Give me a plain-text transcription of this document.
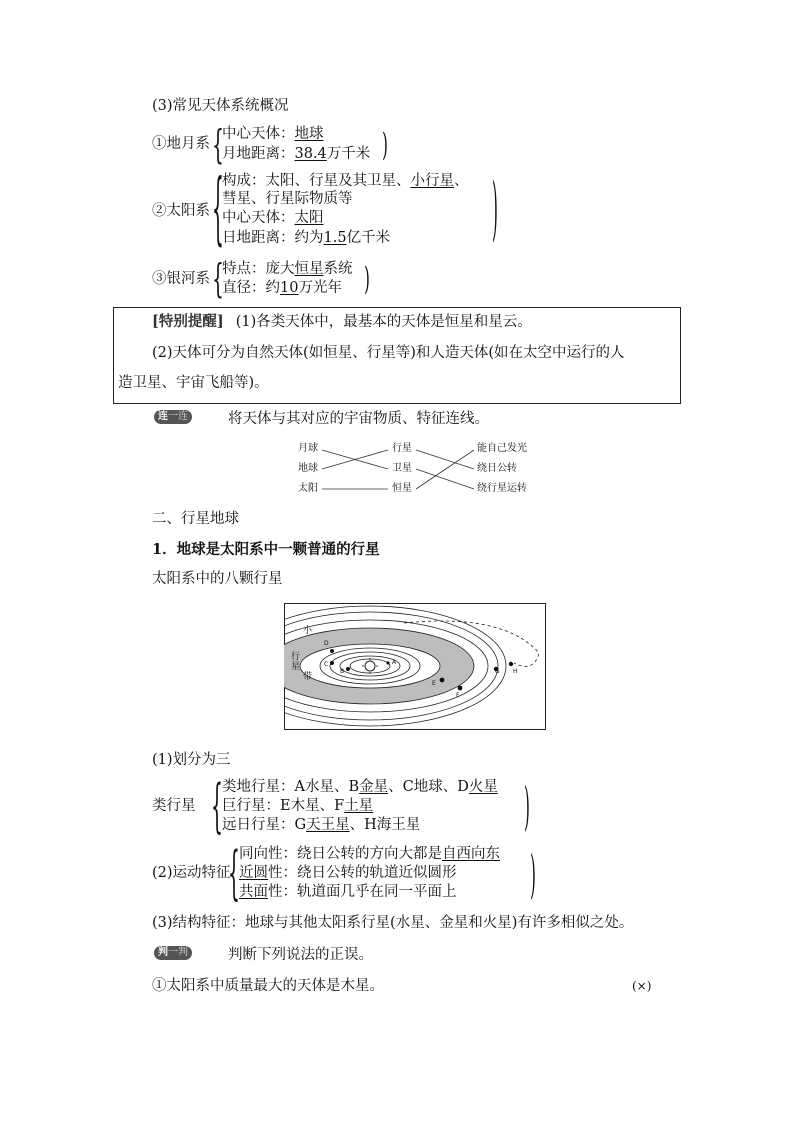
(3)常见天体系统概况
①地月系 {
中心天体：地球
月地距离：38.4万千米 )
②太阳系 {
构成：太阳、行星及其卫星、小行星、
彗星、行星际物质等
中心天体：太阳
日地距离：约为1.5亿千米	)
③银河系 {
特点：庞大恒星系统
直径：约10万光年 )
[特别提醒] (1)各类天体中，最基本的天体是恒星和星云。
(2)天体可分为自然天体(如恒星、行星等)和人造天体(如在太空中运行的人
造卫星、宇宙飞船等)。
连一连	将天体与其对应的宇宙物质、特征连线。
月球
地球
太阳
行星
卫星
恒星
能自己发光
绕日公转
绕行星运转
二、行星地球
1．地球是太阳系中一颗普通的行星
太阳系中的八颗行星
A
B
C
D
E
F
G H
小
行
星
带
(1)划分为三
类行星 { 类地行星：A水星、B金星、C地球、D火星
巨行星：E木星、F土星
远日行星：G天王星、H海王星	)
(2)运动特征
{ 同向性：绕日公转的方向大都是自西向东
近圆性：绕日公转的轨道近似圆形
共面性：轨道面几乎在同一平面上 )
(3)结构特征：地球与其他太阳系行星(水星、金星和火星)有许多相似之处。
判一判	判断下列说法的正误。
①太阳系中质量最大的天体是木星。	(×)
